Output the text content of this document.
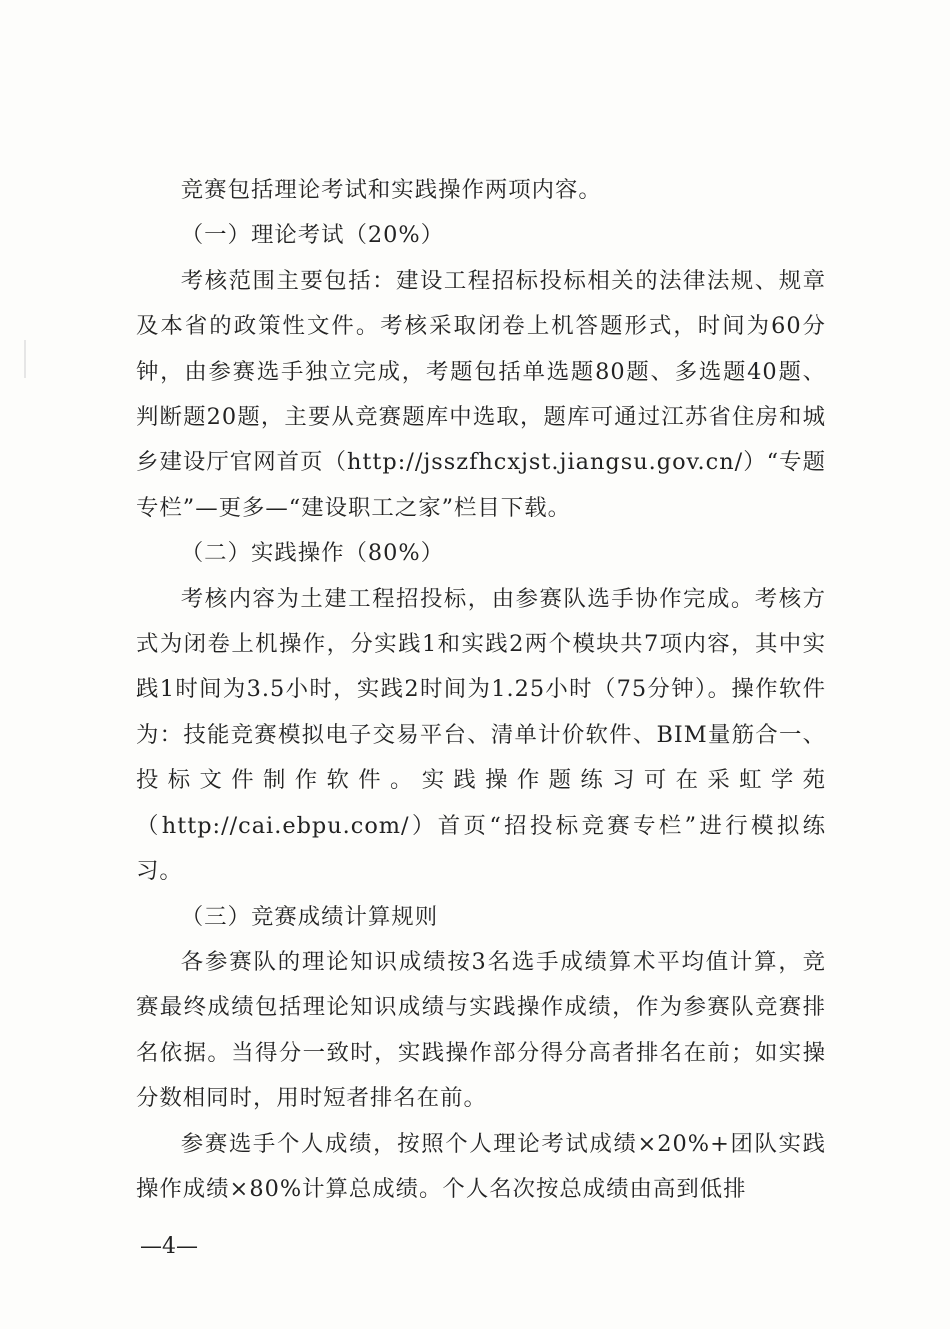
竞赛包括理论考试和实践操作两项内容。

（一）理论考试（20%）

考核范围主要包括：建设工程招标投标相关的法律法规、规章及本省的政策性文件。考核采取闭卷上机答题形式，时间为60分钟，由参赛选手独立完成，考题包括单选题80题、多选题40题、判断题20题，主要从竞赛题库中选取，题库可通过江苏省住房和城乡建设厅官网首页（http://jsszfhcxjst.jiangsu.gov.cn/）“专题专栏”—更多—“建设职工之家”栏目下载。

（二）实践操作（80%）

考核内容为土建工程招投标，由参赛队选手协作完成。考核方式为闭卷上机操作，分实践1和实践2两个模块共7项内容，其中实践1时间为3.5小时，实践2时间为1.25小时（75分钟）。操作软件为：技能竞赛模拟电子交易平台、清单计价软件、BIM量筋合一、投标文件制作软件。实践操作题练习可在采虹学苑（http://cai.ebpu.com/）首页“招投标竞赛专栏”进行模拟练习。

（三）竞赛成绩计算规则

各参赛队的理论知识成绩按3名选手成绩算术平均值计算，竞赛最终成绩包括理论知识成绩与实践操作成绩，作为参赛队竞赛排名依据。当得分一致时，实践操作部分得分高者排名在前；如实操分数相同时，用时短者排名在前。

参赛选手个人成绩，按照个人理论考试成绩×20%+团队实践操作成绩×80%计算总成绩。个人名次按总成绩由高到低排

—4—
